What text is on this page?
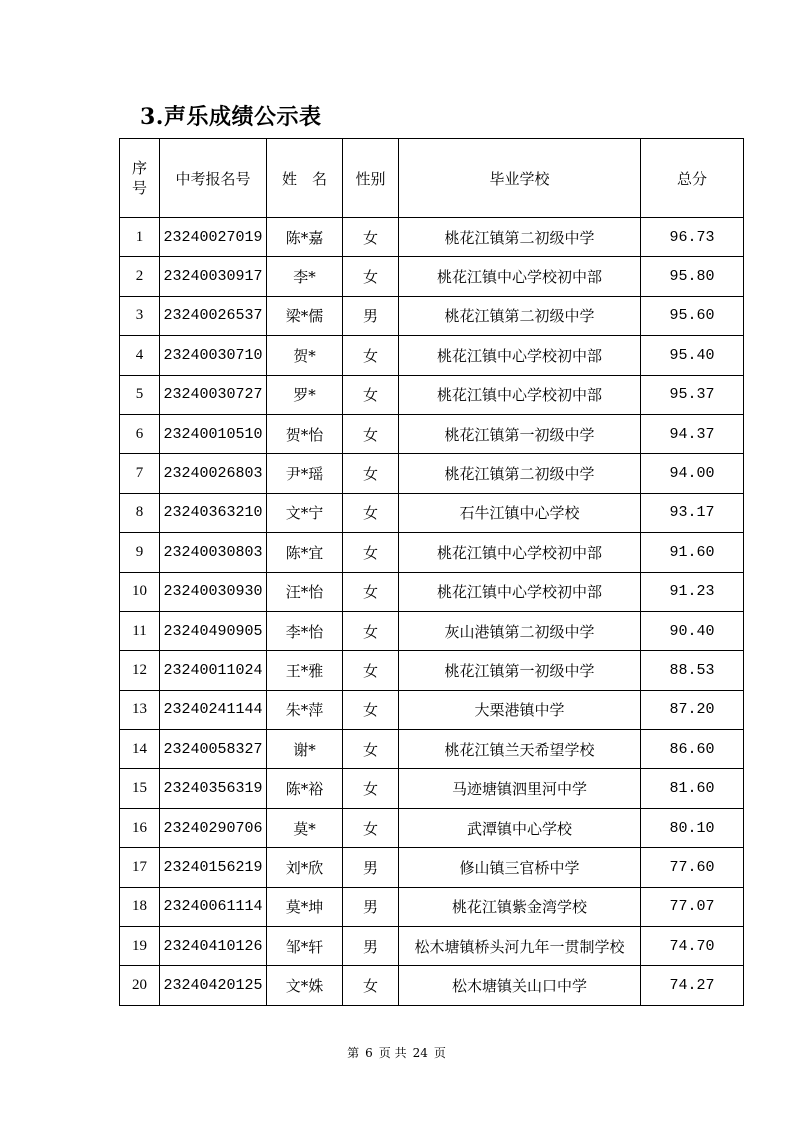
3.声乐成绩公示表
序
号	中考报名号	姓　名	性别	毕业学校	总分
1	23240027019	陈*嘉	女	桃花江镇第二初级中学	96.73
2	23240030917	李*	女	桃花江镇中心学校初中部	95.80
3	23240026537	梁*儒	男	桃花江镇第二初级中学	95.60
4	23240030710	贺*	女	桃花江镇中心学校初中部	95.40
5	23240030727	罗*	女	桃花江镇中心学校初中部	95.37
6	23240010510	贺*怡	女	桃花江镇第一初级中学	94.37
7	23240026803	尹*瑶	女	桃花江镇第二初级中学	94.00
8	23240363210	文*宁	女	石牛江镇中心学校	93.17
9	23240030803	陈*宜	女	桃花江镇中心学校初中部	91.60
10	23240030930	汪*怡	女	桃花江镇中心学校初中部	91.23
11	23240490905	李*怡	女	灰山港镇第二初级中学	90.40
12	23240011024	王*雅	女	桃花江镇第一初级中学	88.53
13	23240241144	朱*萍	女	大栗港镇中学	87.20
14	23240058327	谢*	女	桃花江镇兰天希望学校	86.60
15	23240356319	陈*裕	女	马迹塘镇泗里河中学	81.60
16	23240290706	莫*	女	武潭镇中心学校	80.10
17	23240156219	刘*欣	男	修山镇三官桥中学	77.60
18	23240061114	莫*坤	男	桃花江镇紫金湾学校	77.07
19	23240410126	邹*轩	男	松木塘镇桥头河九年一贯制学校	74.70
20	23240420125	文*姝	女	松木塘镇关山口中学	74.27
第 6 页 共 24 页
